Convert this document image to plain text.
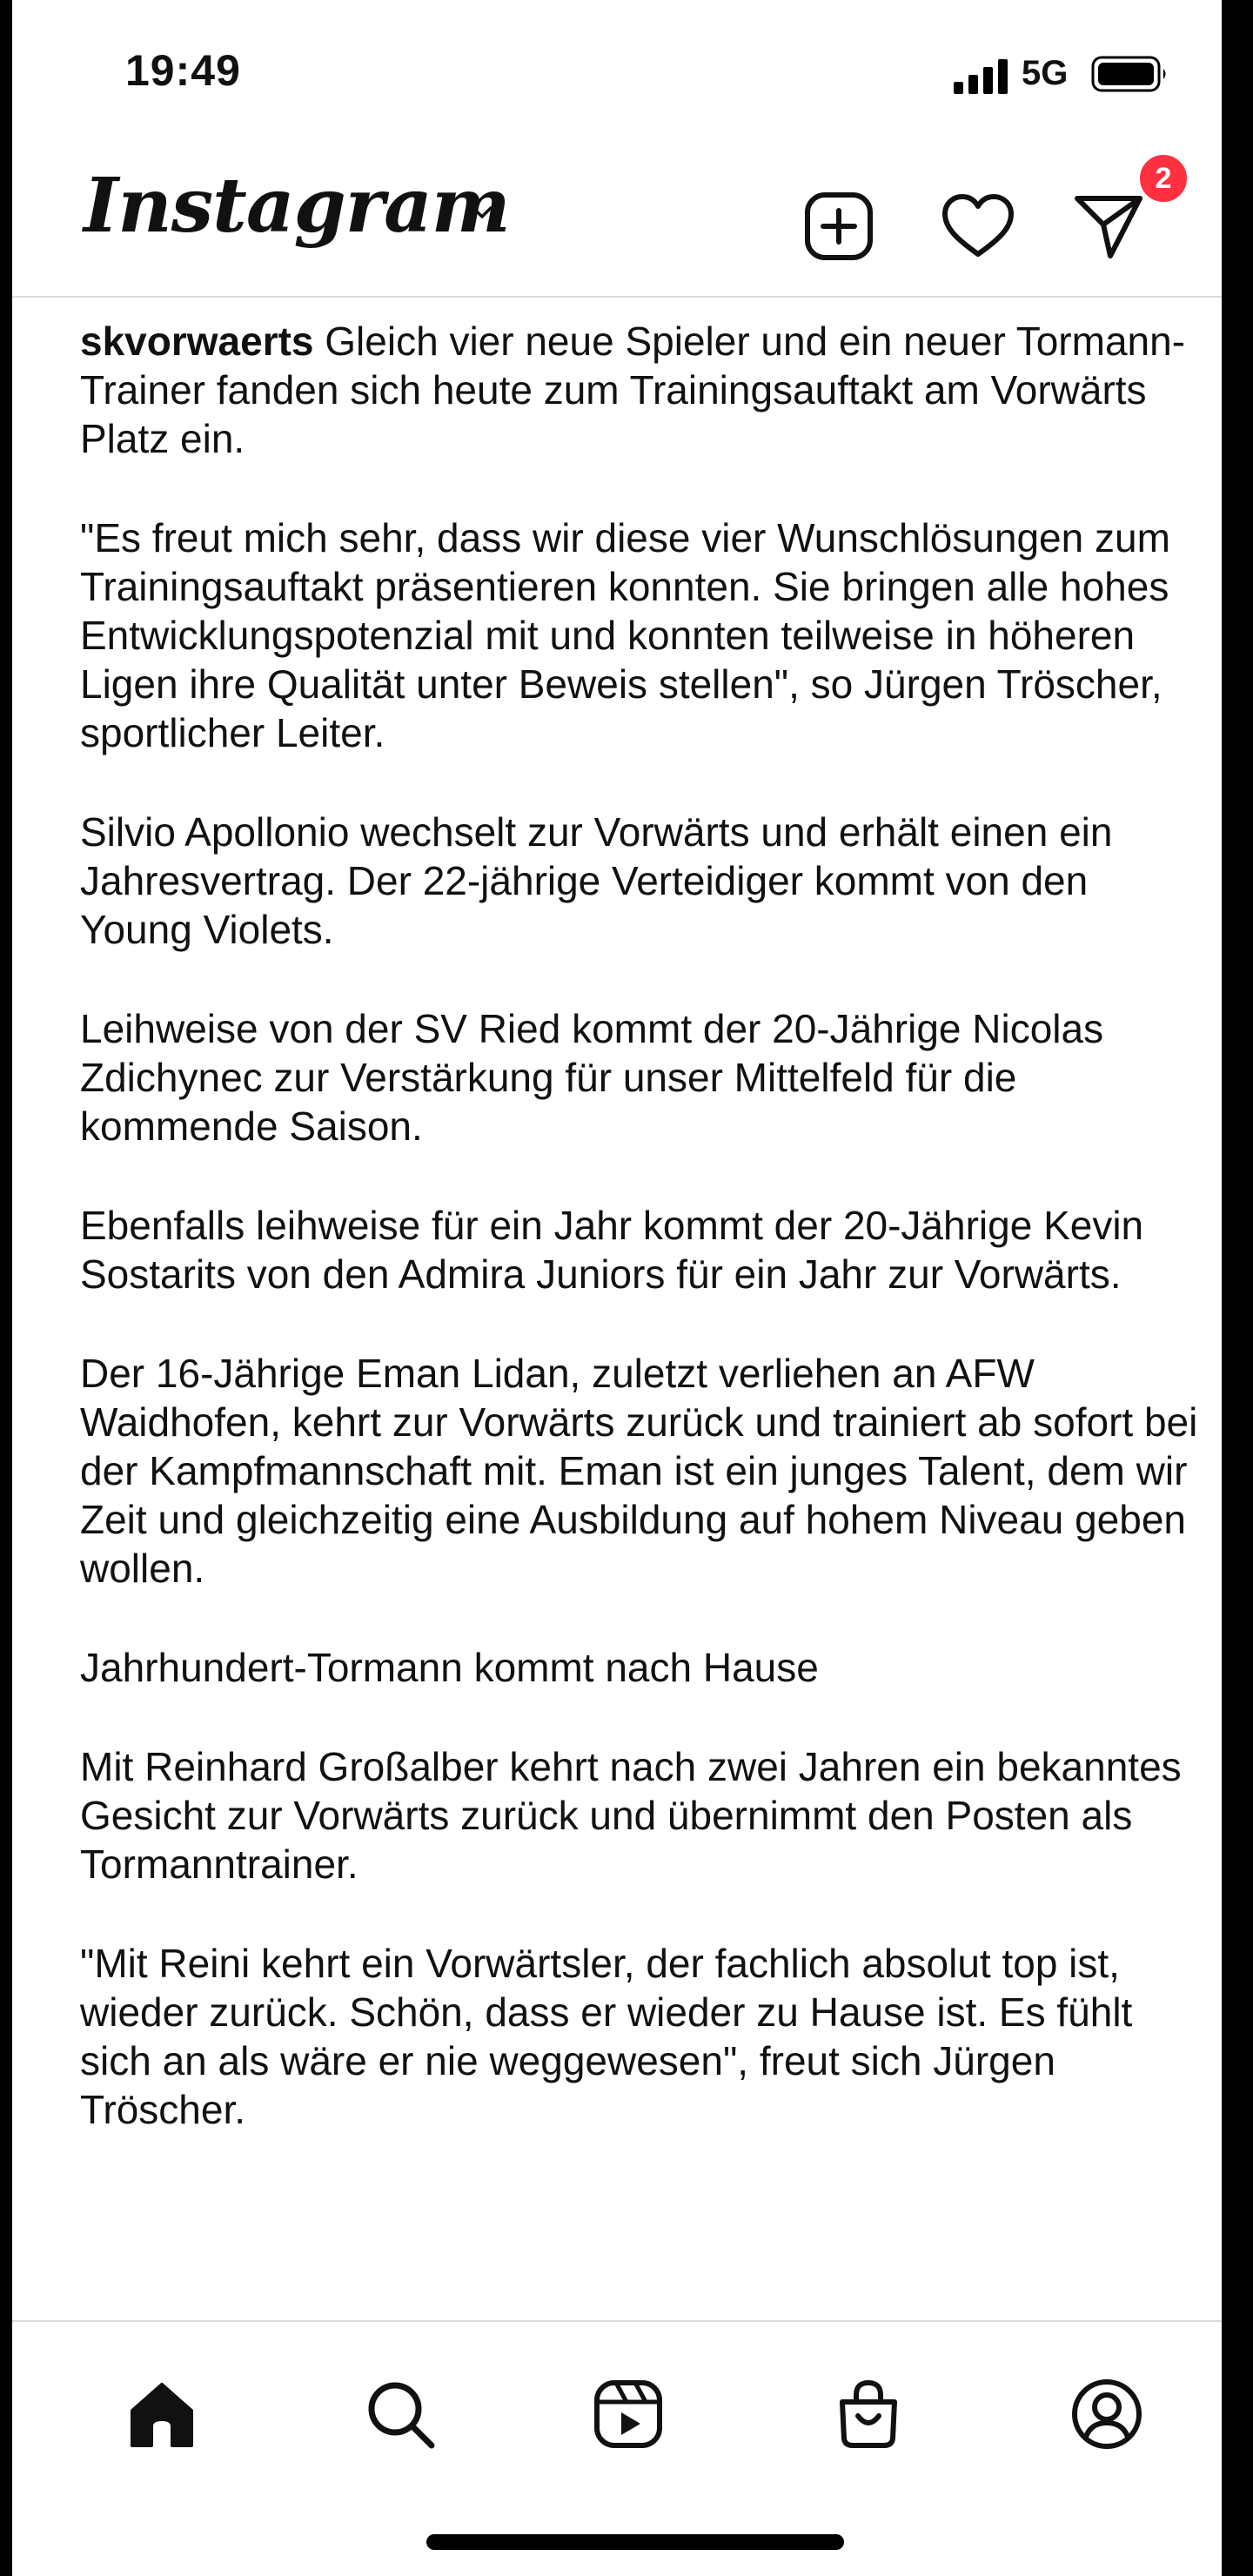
19:49	5G
Instagram	2

skvorwaerts Gleich vier neue Spieler und ein neuer Tormann-Trainer fanden sich heute zum Trainingsauftakt am Vorwärts Platz ein.

"Es freut mich sehr, dass wir diese vier Wunschlösungen zum Trainingsauftakt präsentieren konnten. Sie bringen alle hohes Entwicklungspotenzial mit und konnten teilweise in höheren Ligen ihre Qualität unter Beweis stellen", so Jürgen Tröscher, sportlicher Leiter.

Silvio Apollonio wechselt zur Vorwärts und erhält einen ein Jahresvertrag. Der 22-jährige Verteidiger kommt von den Young Violets.

Leihweise von der SV Ried kommt der 20-Jährige Nicolas Zdichynec zur Verstärkung für unser Mittelfeld für die kommende Saison.

Ebenfalls leihweise für ein Jahr kommt der 20-Jährige Kevin Sostarits von den Admira Juniors für ein Jahr zur Vorwärts.

Der 16-Jährige Eman Lidan, zuletzt verliehen an AFW Waidhofen, kehrt zur Vorwärts zurück und trainiert ab sofort bei der Kampfmannschaft mit. Eman ist ein junges Talent, dem wir Zeit und gleichzeitig eine Ausbildung auf hohem Niveau geben wollen.

Jahrhundert-Tormann kommt nach Hause

Mit Reinhard Großalber kehrt nach zwei Jahren ein bekanntes Gesicht zur Vorwärts zurück und übernimmt den Posten als Tormanntrainer.

"Mit Reini kehrt ein Vorwärtsler, der fachlich absolut top ist, wieder zurück. Schön, dass er wieder zu Hause ist. Es fühlt sich an als wäre er nie weggewesen", freut sich Jürgen Tröscher.
